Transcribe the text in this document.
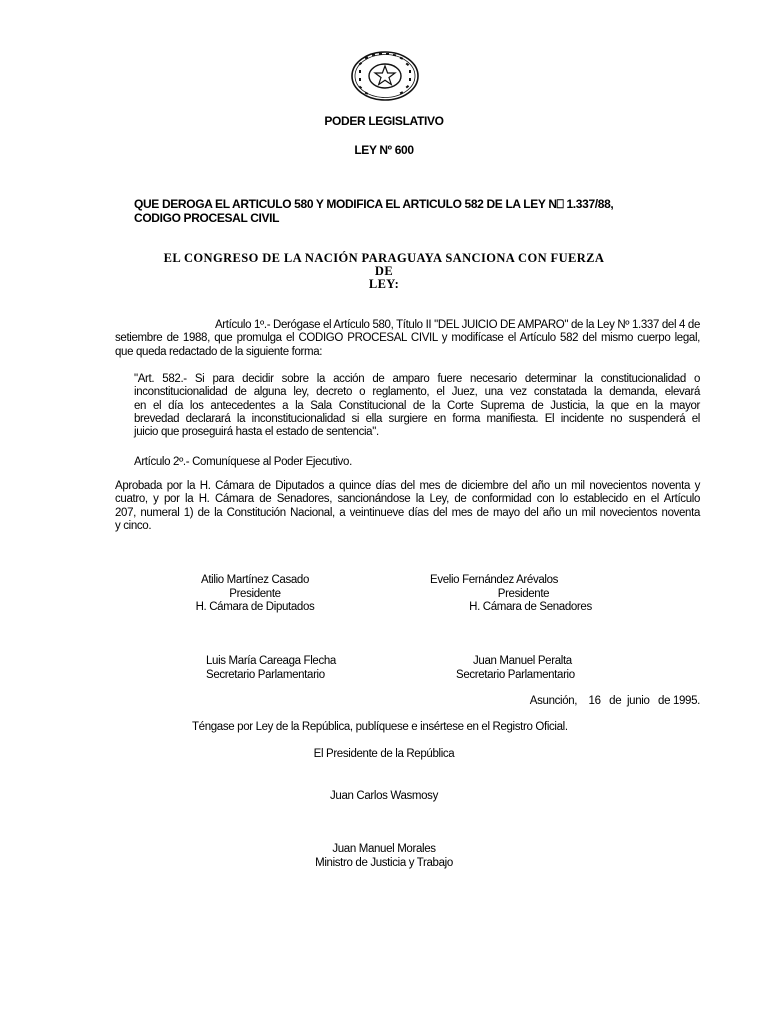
PODER LEGISLATIVO
LEY Nº 600

QUE DEROGA EL ARTICULO 580 Y MODIFICA EL ARTICULO 582 DE LA LEY N⎕ 1.337/88,

CODIGO PROCESAL CIVIL

EL CONGRESO DE LA NACIÓN PARAGUAYA SANCIONA CON FUERZA

DE

LEY:

Artículo 1º.- Derógase el Artículo 580, Título II "DEL JUICIO DE AMPARO" de la Ley Nº 1.337 del 4 de

setiembre de 1988, que promulga el CODIGO PROCESAL CIVIL y modifícase el Artículo 582 del mismo cuerpo legal,

que queda redactado de la siguiente forma:

"Art. 582.- Si para decidir sobre la acción de amparo fuere necesario determinar la constitucionalidad o

inconstitucionalidad de alguna ley, decreto o reglamento, el Juez, una vez constatada la demanda, elevará

en el día los antecedentes a la Sala Constitucional de la Corte Suprema de Justicia, la que en la mayor

brevedad declarará la inconstitucionalidad si ella surgiere en forma manifiesta. El incidente no suspenderá el

juicio que proseguirá hasta el estado de sentencia".

Artículo 2º.- Comuníquese al Poder Ejecutivo.

Aprobada por la H. Cámara de Diputados a quince días del mes de diciembre del año un mil novecientos noventa y

cuatro, y por la H. Cámara de Senadores, sancionándose la Ley, de conformidad con lo establecido en el Artículo

207, numeral 1) de la Constitución Nacional, a veintinueve días del mes de mayo del año un mil novecientos noventa

y cinco.

Atilio Martínez Casado

Presidente

H. Cámara de Diputados

Evelio Fernández Arévalos

Presidente

H. Cámara de Senadores

Luis María Careaga Flecha

Secretario Parlamentario

Juan Manuel Peralta

Secretario Parlamentario

Asunción,    16   de  junio   de 1995.
Téngase por Ley de la República, publíquese e insértese en el Registro Oficial.
El Presidente de la República
Juan Carlos Wasmosy

Juan Manuel Morales

Ministro de Justicia y Trabajo
